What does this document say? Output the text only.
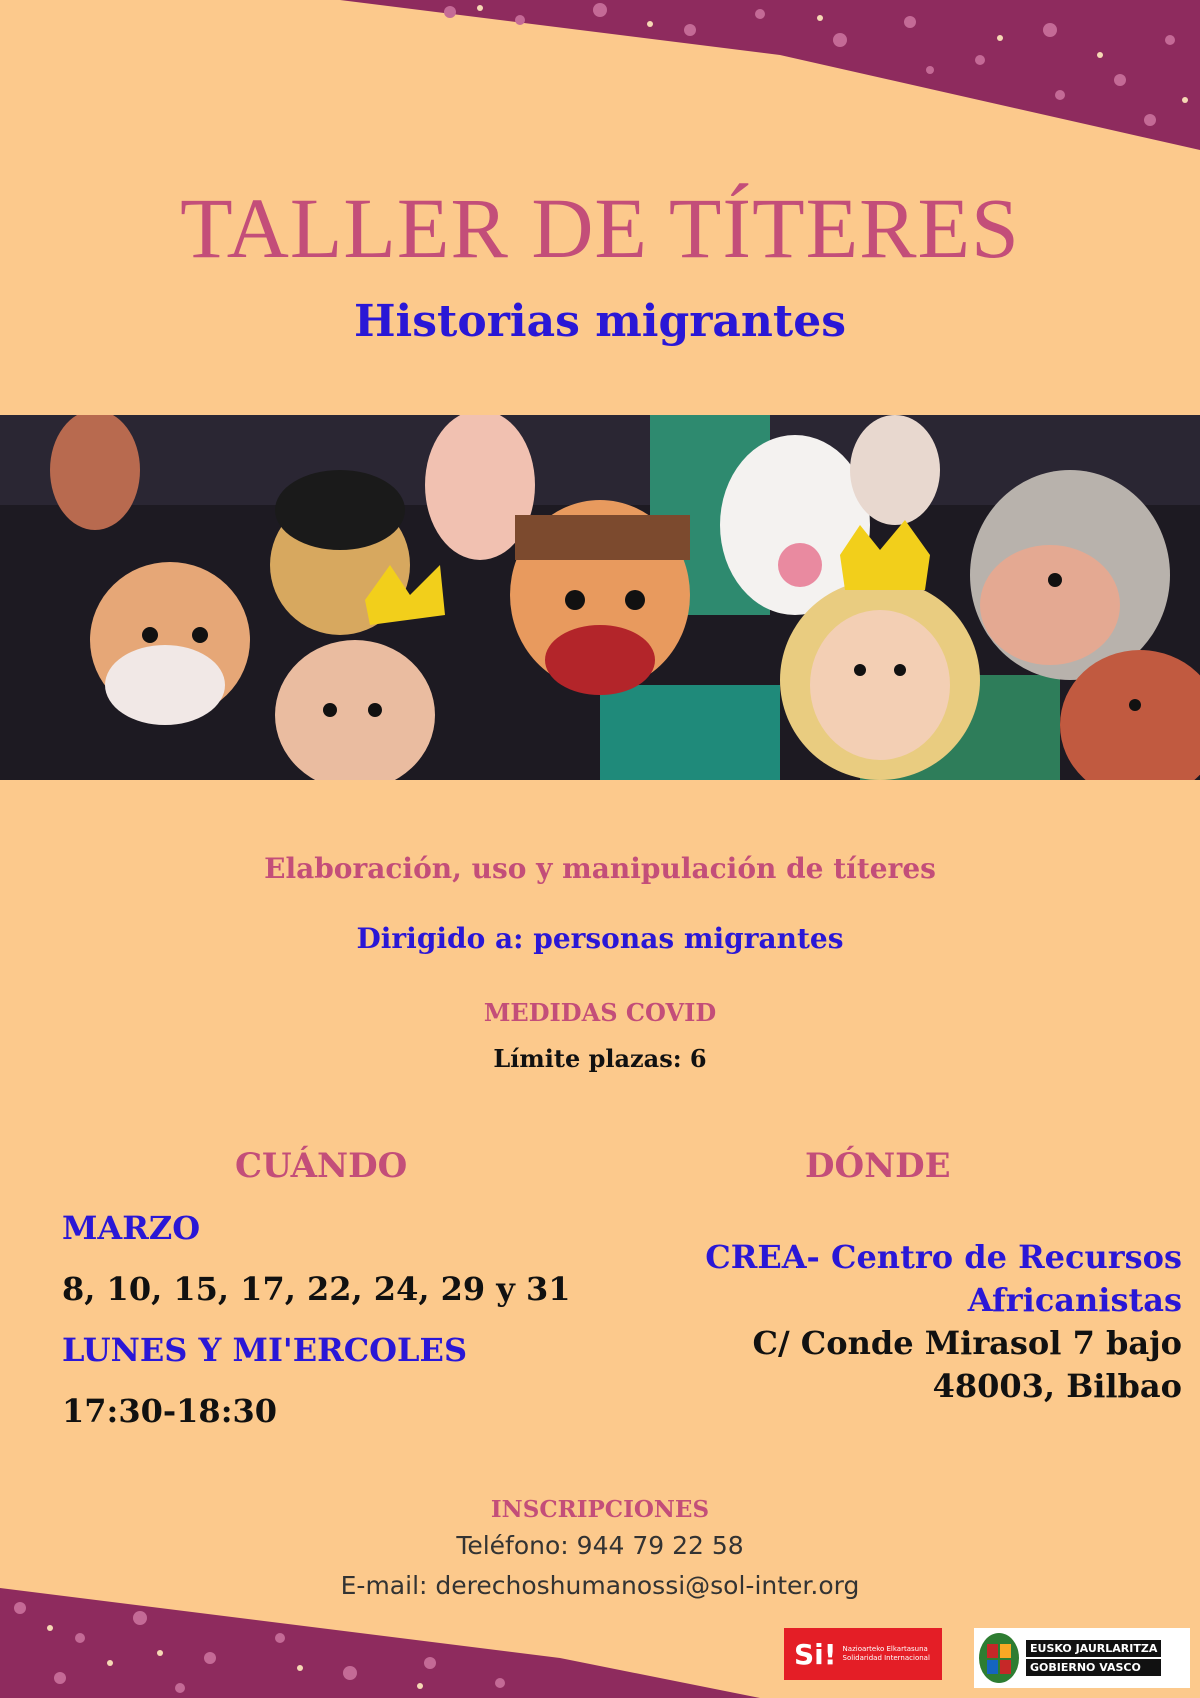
TALLER DE TÍTERES
Historias migrantes

Elaboración, uso y manipulación de títeres

Dirigido a: personas migrantes

MEDIDAS COVID

Límite plazas: 6

CUÁNDO	DÓNDE
MARZO
8, 10, 15, 17, 22, 24, 29 y 31
LUNES Y MI'ERCOLES
17:30-18:30
CREA- Centro de Recursos
Africanistas
C/ Conde Mirasol 7 bajo
48003, Bilbao
INSCRIPCIONES
Teléfono: 944 79 22 58
E-mail: derechoshumanossi@sol-inter.org
Si! Nazioarteko Elkartasuna
Solidaridad Internacional
EUSKO JAURLARITZA
GOBIERNO VASCO
